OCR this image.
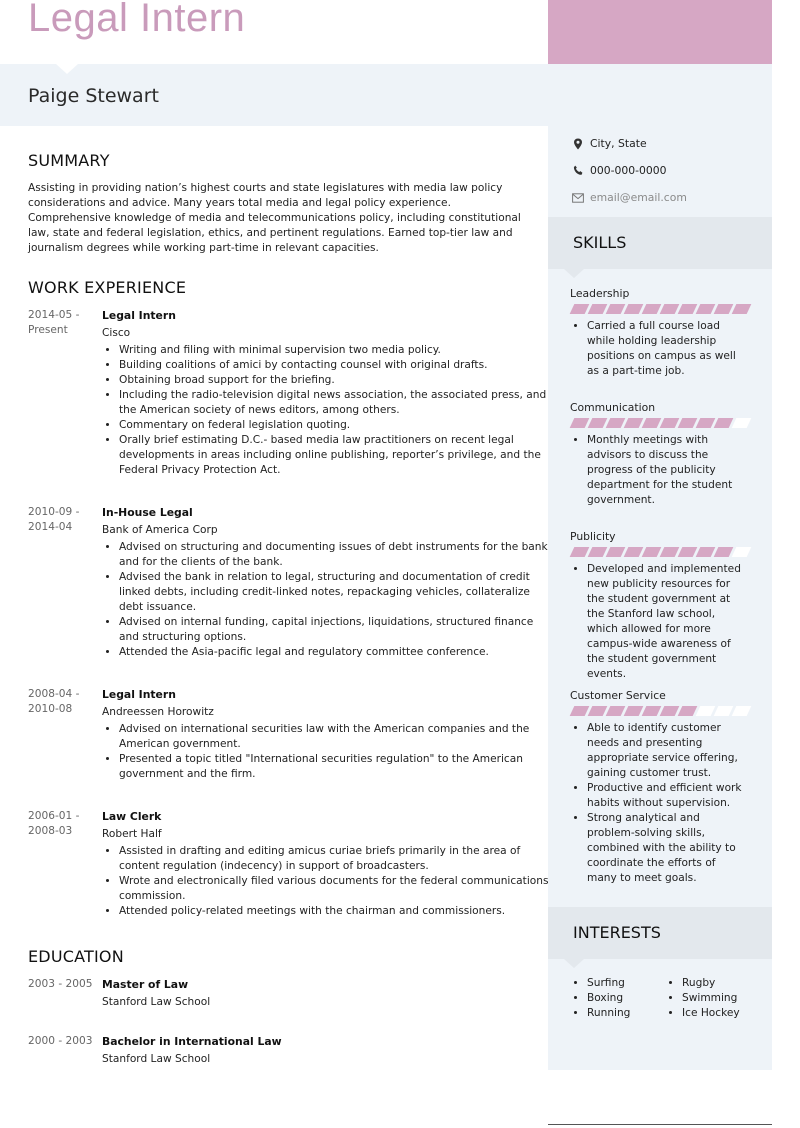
Legal Intern
Paige Stewart
SUMMARY
Assisting in providing nation’s highest courts and state legislatures with media law policy considerations and advice. Many years total media and legal policy experience. Comprehensive knowledge of media and telecommunications policy, including constitutional law, state and federal legislation, ethics, and pertinent regulations. Earned top-tier law and journalism degrees while working part-time in relevant capacities.
WORK EXPERIENCE
2014-05 - Present
Legal Intern
Cisco
• Writing and filing with minimal supervision two media policy.
• Building coalitions of amici by contacting counsel with original drafts.
• Obtaining broad support for the briefing.
• Including the radio-television digital news association, the associated press, and the American society of news editors, among others.
• Commentary on federal legislation quoting.
• Orally brief estimating D.C.- based media law practitioners on recent legal developments in areas including online publishing, reporter’s privilege, and the Federal Privacy Protection Act.
2010-09 - 2014-04
In-House Legal
Bank of America Corp
• Advised on structuring and documenting issues of debt instruments for the bank and for the clients of the bank.
• Advised the bank in relation to legal, structuring and documentation of credit linked debts, including credit-linked notes, repackaging vehicles, collateralize debt issuance.
• Advised on internal funding, capital injections, liquidations, structured finance and structuring options.
• Attended the Asia-pacific legal and regulatory committee conference.
2008-04 - 2010-08
Legal Intern
Andreessen Horowitz
• Advised on international securities law with the American companies and the American government.
• Presented a topic titled "International securities regulation" to the American government and the firm.
2006-01 - 2008-03
Law Clerk
Robert Half
• Assisted in drafting and editing amicus curiae briefs primarily in the area of content regulation (indecency) in support of broadcasters.
• Wrote and electronically filed various documents for the federal communications commission.
• Attended policy-related meetings with the chairman and commissioners.
EDUCATION
2003 - 2005 Master of Law
Stanford Law School
2000 - 2003 Bachelor in International Law
Stanford Law School
City, State
000-000-0000
email@email.com
SKILLS
Leadership
• Carried a full course load while holding leadership positions on campus as well as a part-time job.
Communication
• Monthly meetings with advisors to discuss the progress of the publicity department for the student government.
Publicity
• Developed and implemented new publicity resources for the student government at the Stanford law school, which allowed for more campus-wide awareness of the student government events.
Customer Service
• Able to identify customer needs and presenting appropriate service offering, gaining customer trust.
• Productive and efficient work habits without supervision.
• Strong analytical and problem-solving skills, combined with the ability to coordinate the efforts of many to meet goals.
INTERESTS
• Surfing
• Boxing
• Running
• Rugby
• Swimming
• Ice Hockey
